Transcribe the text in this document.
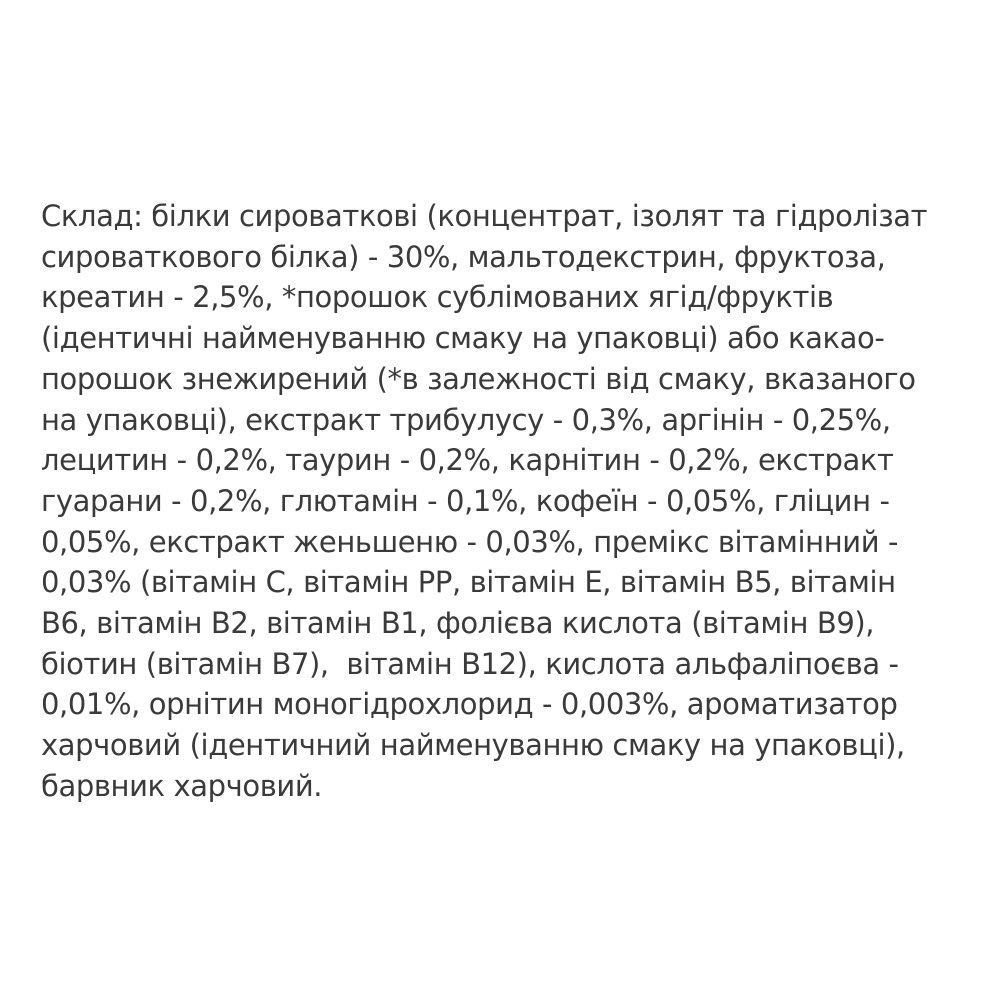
Склад: білки сироваткові (концентрат, ізолят та гідролізат
сироваткового білка) - 30%, мальтодекстрин, фруктоза,
креатин - 2,5%, *порошок сублімованих ягід/фруктів
(ідентичні найменуванню смаку на упаковці) або какао-
порошок знежирений (*в залежності від смаку, вказаного
на упаковці), екстракт трибулусу - 0,3%, аргінін - 0,25%,
лецитин - 0,2%, таурин - 0,2%, карнітин - 0,2%, екстракт
гуарани - 0,2%, глютамін - 0,1%, кофеїн - 0,05%, гліцин -
0,05%, екстракт женьшеню - 0,03%, премікс вітамінний -
0,03% (вітамін С, вітамін РР, вітамін Е, вітамін В5, вітамін
В6, вітамін В2, вітамін В1, фолієва кислота (вітамін В9),
біотин (вітамін В7),  вітамін В12), кислота альфаліпоєва -
0,01%, орнітин моногідрохлорид - 0,003%, ароматизатор
харчовий (ідентичний найменуванню смаку на упаковці),
барвник харчовий.
